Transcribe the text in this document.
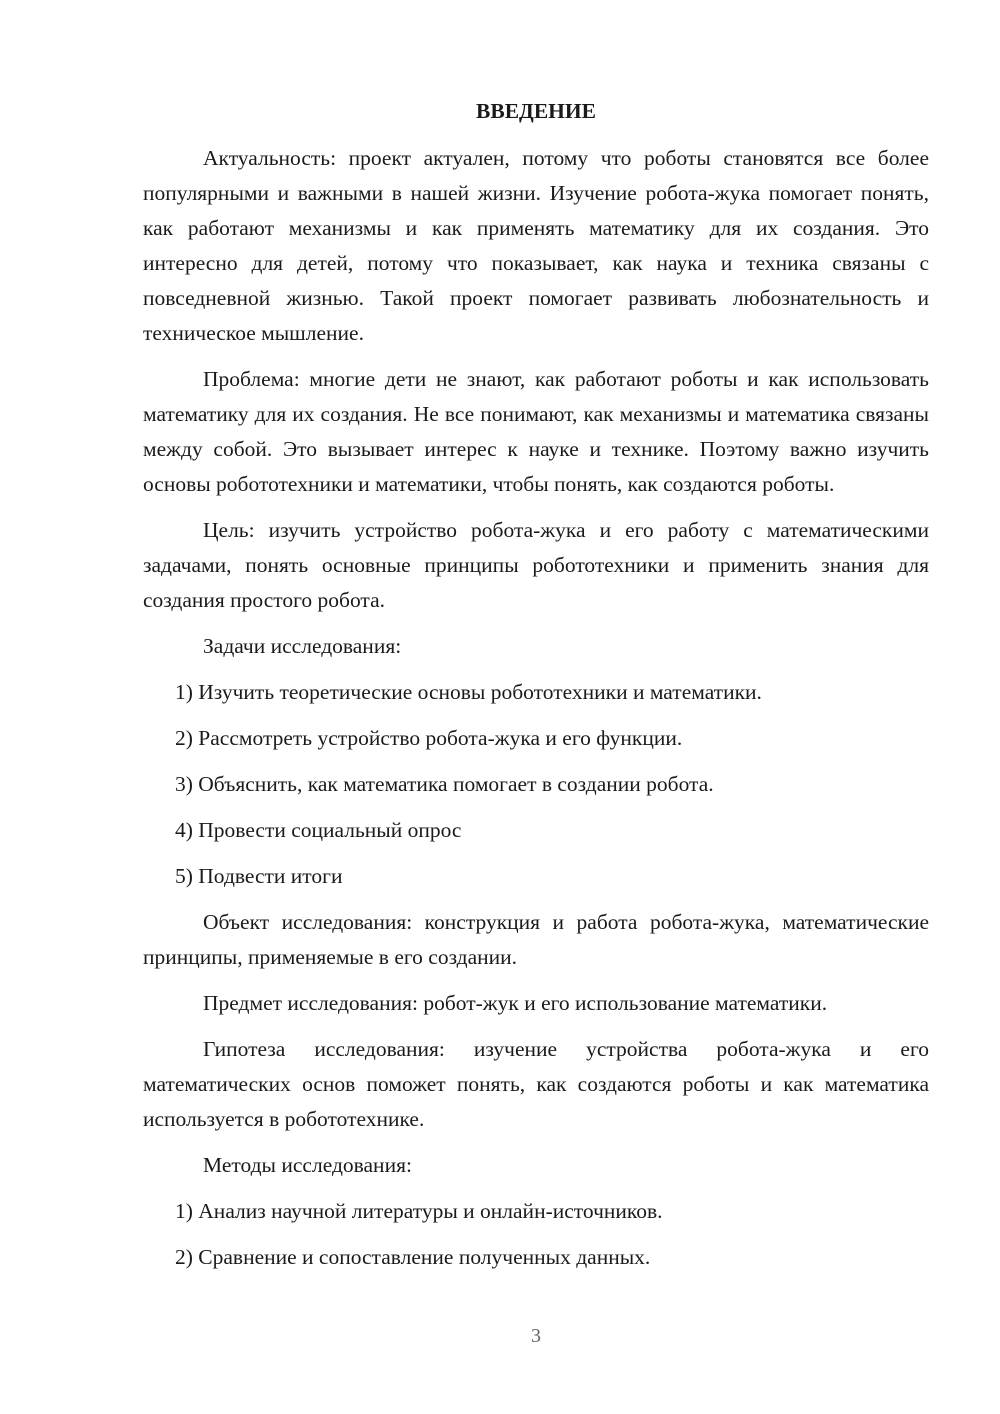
ВВЕДЕНИЕ

Актуальность: проект актуален, потому что роботы становятся все более популярными и важными в нашей жизни. Изучение робота-жука помогает понять, как работают механизмы и как применять математику для их создания. Это интересно для детей, потому что показывает, как наука и техника связаны с повседневной жизнью. Такой проект помогает развивать любознательность и техническое мышление.

Проблема: многие дети не знают, как работают роботы и как использовать математику для их создания. Не все понимают, как механизмы и математика связаны между собой. Это вызывает интерес к науке и технике. Поэтому важно изучить основы робототехники и математики, чтобы понять, как создаются роботы.

Цель: изучить устройство робота-жука и его работу с математическими задачами, понять основные принципы робототехники и применить знания для создания простого робота.

Задачи исследования:

1) Изучить теоретические основы робототехники и математики.
2) Рассмотреть устройство робота-жука и его функции.
3) Объяснить, как математика помогает в создании робота.
4) Провести социальный опрос
5) Подвести итоги

Объект исследования: конструкция и работа робота-жука, математические принципы, применяемые в его создании.

Предмет исследования: робот-жук и его использование математики.

Гипотеза исследования: изучение устройства робота-жука и его математических основ поможет понять, как создаются роботы и как математика используется в робототехнике.

Методы исследования:

1) Анализ научной литературы и онлайн-источников.
2) Сравнение и сопоставление полученных данных.
3
